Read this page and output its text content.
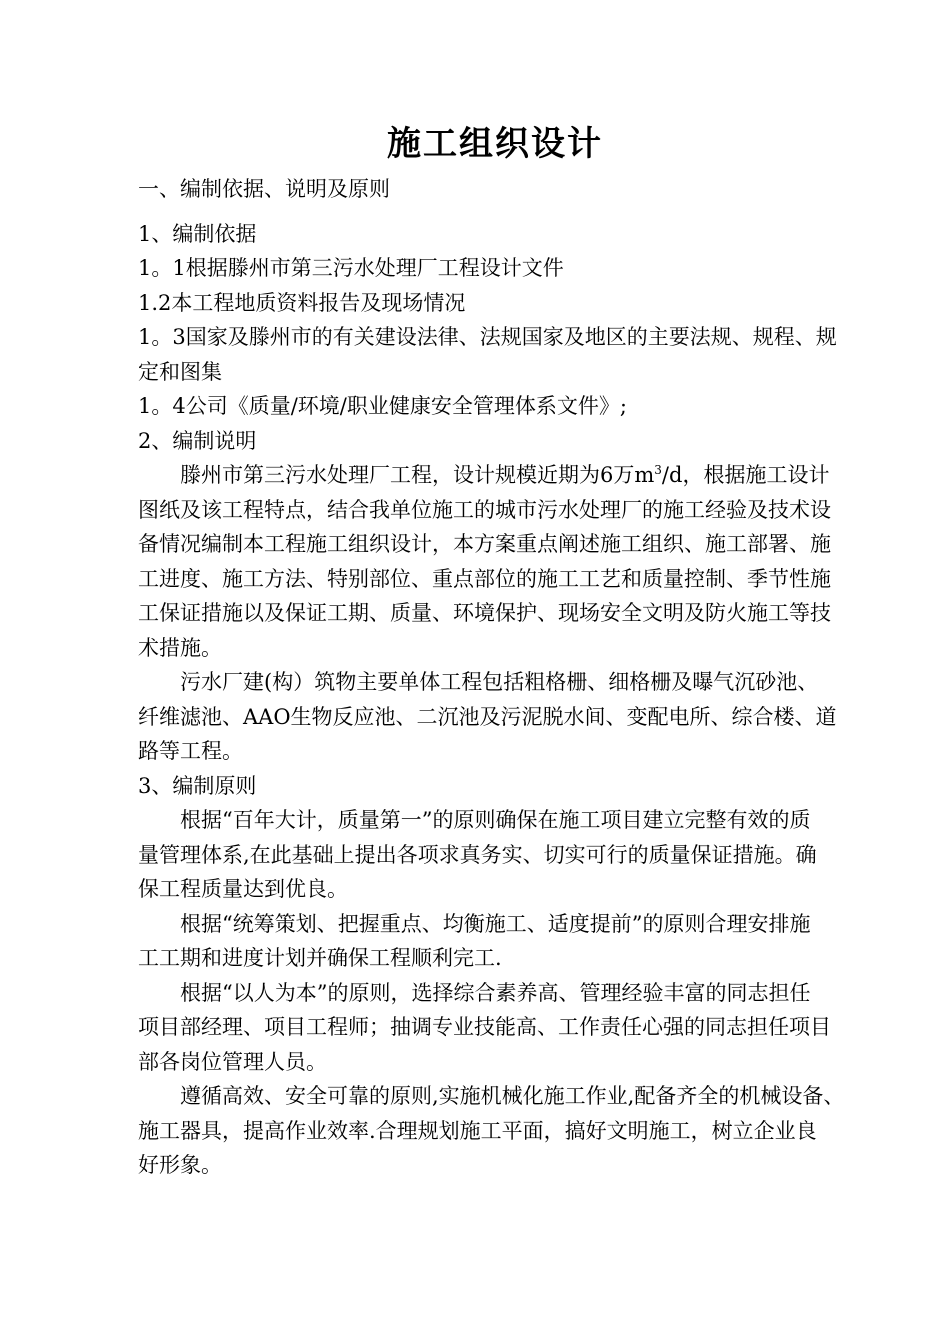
施工组织设计
一、编制依据、说明及原则
1、编制依据
1。1根据滕州市第三污水处理厂工程设计文件
1.2本工程地质资料报告及现场情况
1。3国家及滕州市的有关建设法律、法规国家及地区的主要法规、规程、规
定和图集
1。4公司《质量/环境/职业健康安全管理体系文件》;
2、编制说明
滕州市第三污水处理厂工程，设计规模近期为6万$m^3/d$，根据施工设计
图纸及该工程特点，结合我单位施工的城市污水处理厂的施工经验及技术设
备情况编制本工程施工组织设计，本方案重点阐述施工组织、施工部署、施
工进度、施工方法、特别部位、重点部位的施工工艺和质量控制、季节性施
工保证措施以及保证工期、质量、环境保护、现场安全文明及防火施工等技
术措施。
污水厂建(构）筑物主要单体工程包括粗格栅、细格栅及曝气沉砂池、
纤维滤池、AAO生物反应池、二沉池及污泥脱水间、变配电所、综合楼、道
路等工程。
3、编制原则
根据“百年大计，质量第一”的原则确保在施工项目建立完整有效的质
量管理体系,在此基础上提出各项求真务实、切实可行的质量保证措施。确
保工程质量达到优良。
根据“统筹策划、把握重点、均衡施工、适度提前”的原则合理安排施
工工期和进度计划并确保工程顺利完工.
根据“以人为本”的原则，选择综合素养高、管理经验丰富的同志担任
项目部经理、项目工程师；抽调专业技能高、工作责任心强的同志担任项目
部各岗位管理人员。
遵循高效、安全可靠的原则,实施机械化施工作业,配备齐全的机械设备、
施工器具，提高作业效率.合理规划施工平面，搞好文明施工，树立企业良
好形象。
